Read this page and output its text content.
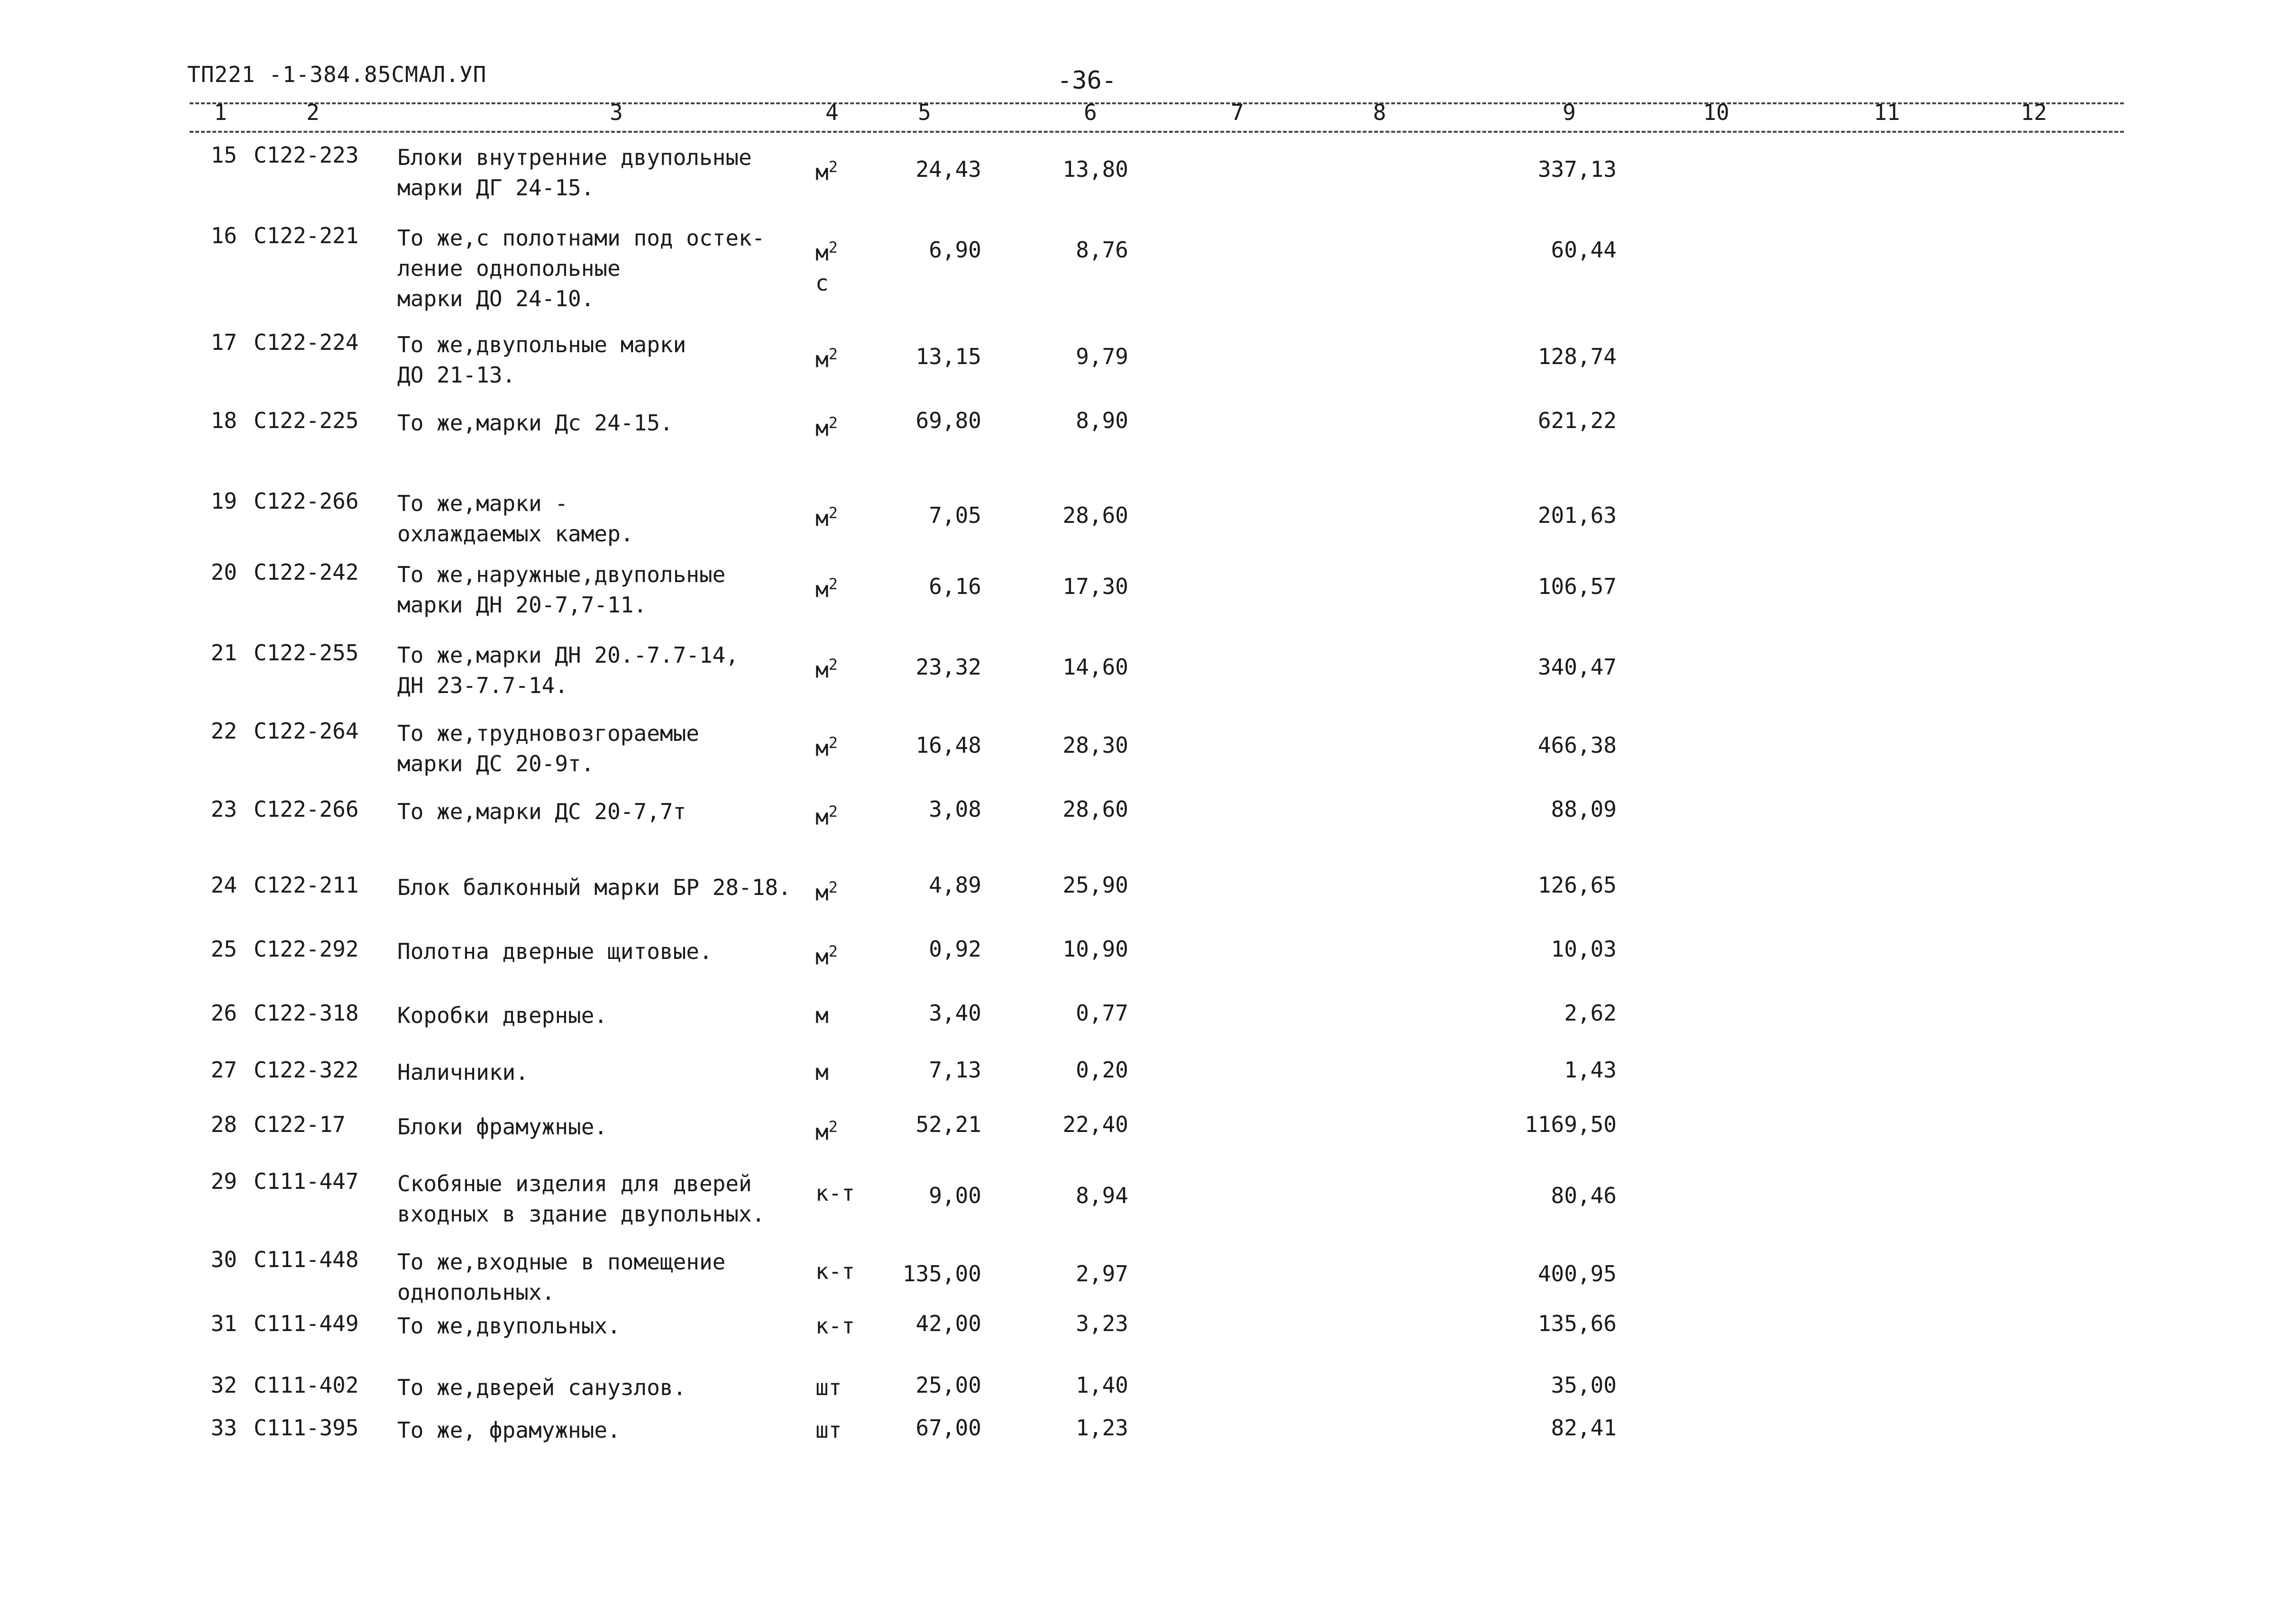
ТП221 -1-384.85СМАЛ.УП	-36-
1	2	3	4	5	6	7	8	9	10	11	12
15 С122-223	Блоки внутренние двупольные
марки ДГ 24-15.
$м^2$	24,43	13,80	337,13
16 С122-221	То же,с полотнами под остек-
ление однопольные
марки ДО 24-10.
$м^2$
с
6,90	8,76	60,44
17 С122-224	То же,двупольные марки
ДО 21-13.
$м^2$	13,15	9,79	128,74
18 С122-225	То же,марки Дс 24-15.	$м^2$	69,80	8,90	621,22
19 С122-266	То же,марки -
охлаждаемых камер.
$м^2$	7,05	28,60	201,63
20 С122-242	То же,наружные,двупольные
марки ДН 20-7,7-11.
$м^2$	6,16	17,30	106,57
21 С122-255	То же,марки ДН 20.-7.7-14,
ДН 23-7.7-14.
$м^2$	23,32	14,60	340,47
22 С122-264	То же,трудновозгораемые
марки ДС 20-9т.
$м^2$	16,48	28,30	466,38
23 С122-266	То же,марки ДС 20-7,7т	$м^2$	3,08	28,60	88,09
24 С122-211	Блок балконный марки БР 28-18.	$м^2$	4,89	25,90	126,65
25 С122-292	Полотна дверные щитовые.	$м^2$	0,92	10,90	10,03
26 С122-318	Коробки дверные.	м	3,40	0,77	2,62
27 С122-322	Наличники.	м	7,13	0,20	1,43
28 С122-17	Блоки фрамужные.	$м^2$	52,21	22,40	1169,50
29 С111-447	Скобяные изделия для дверей
входных в здание двупольных.
к-т	9,00	8,94	80,46
30 С111-448	То же,входные в помещение
однопольных.
к-т	135,00	2,97	400,95
31 С111-449	То же,двупольных.	к-т	42,00	3,23	135,66
32 С111-402	То же,дверей санузлов.	шт	25,00	1,40	35,00
33 С111-395	То же, фрамужные.	шт	67,00	1,23	82,41
